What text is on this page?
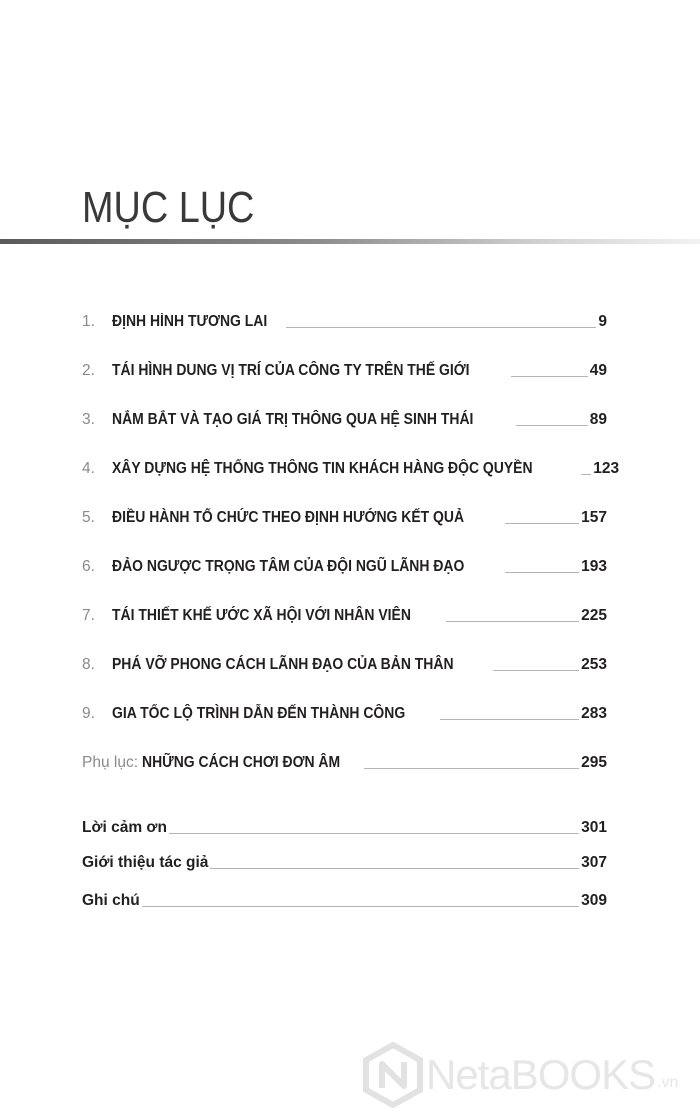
MỤC LỤC
1.	ĐỊNH HÌNH TƯƠNG LAI	9
2.	TÁI HÌNH DUNG VỊ TRÍ CỦA CÔNG TY TRÊN THẾ GIỚI	49
3.	NẮM BẮT VÀ TẠO GIÁ TRỊ THÔNG QUA HỆ SINH THÁI	89
4.	XÂY DỰNG HỆ THỐNG THÔNG TIN KHÁCH HÀNG ĐỘC QUYỀN	123
5.	ĐIỀU HÀNH TỔ CHỨC THEO ĐỊNH HƯỚNG KẾT QUẢ	157
6.	ĐẢO NGƯỢC TRỌNG TÂM CỦA ĐỘI NGŨ LÃNH ĐẠO	193
7.	TÁI THIẾT KHẾ ƯỚC XÃ HỘI VỚI NHÂN VIÊN	225
8.	PHÁ VỠ PHONG CÁCH LÃNH ĐẠO CỦA BẢN THÂN	253
9.	GIA TỐC LỘ TRÌNH DẪN ĐẾN THÀNH CÔNG	283
Phụ lục: NHỮNG CÁCH CHƠI ĐƠN ÂM	295
Lời cảm ơn	301
Giới thiệu tác giả	307
Ghi chú	309
NetaBOOKS .vn
